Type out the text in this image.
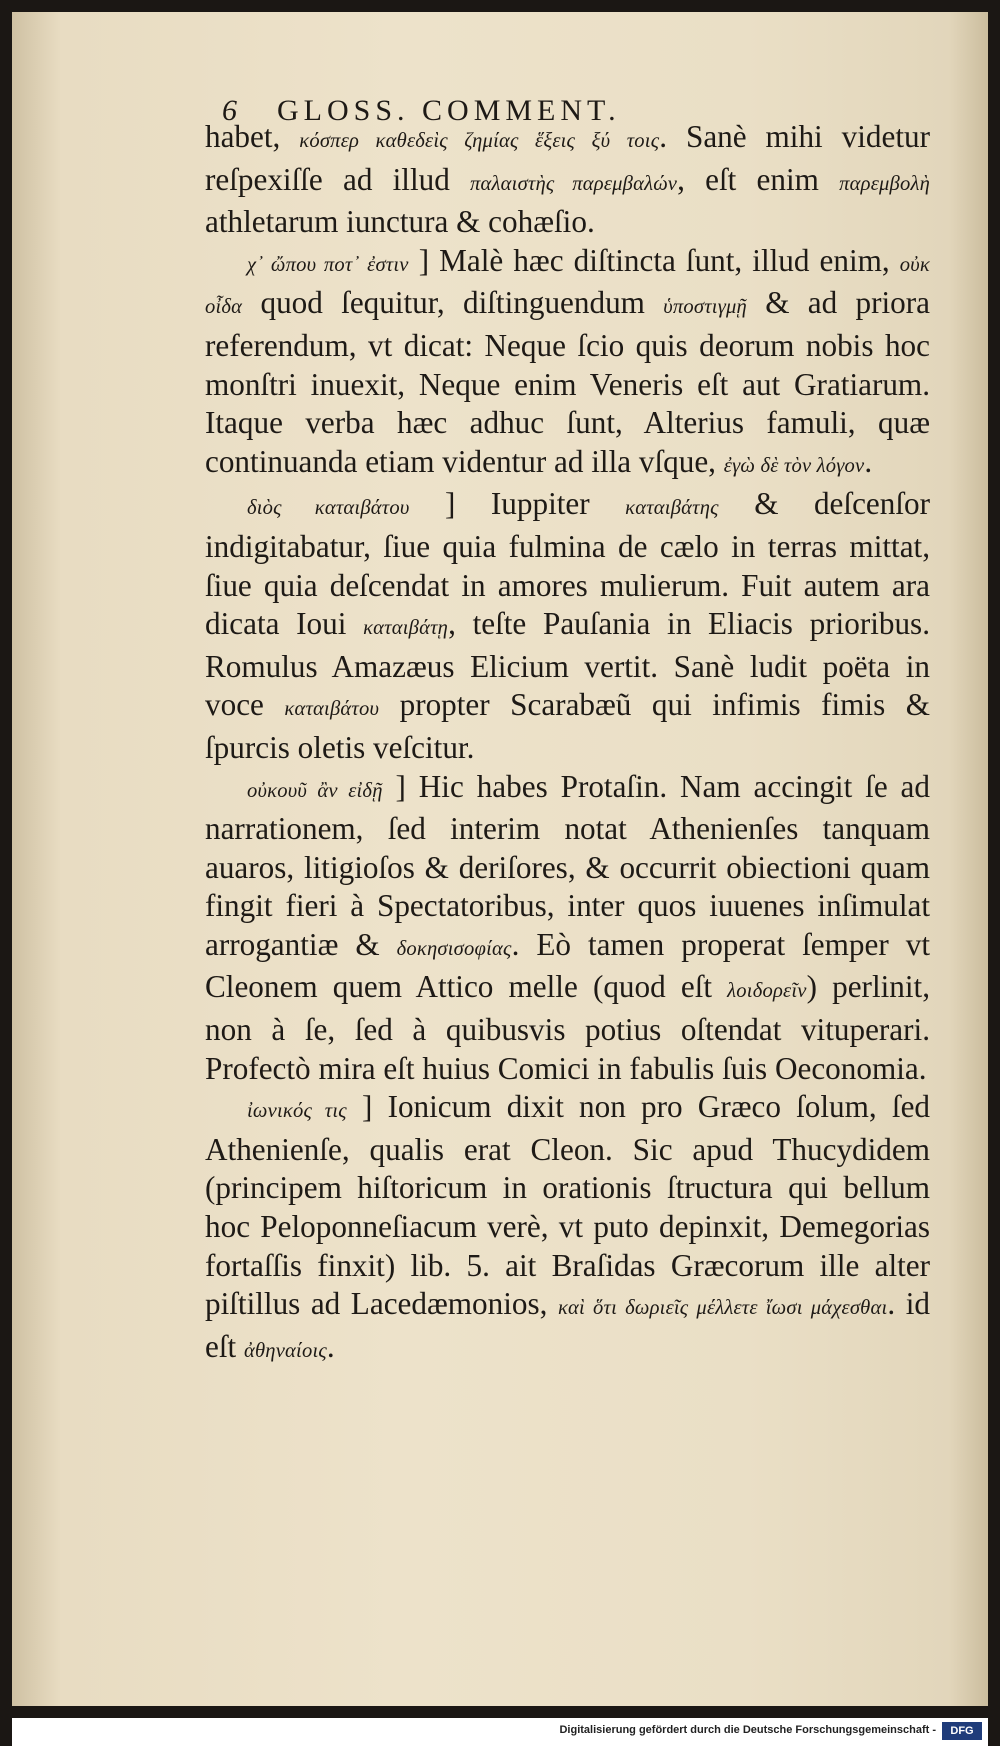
6 GLOSS. COMMENT.

habet, κόσπερ καθεδεὶς ζημίας ἕξεις ξύ τοις. Sanè mihi videtur reſpexiſſe ad illud παλαιστὴς παρεμβαλών, eſt enim παρεμβολὴ athletarum iunctura & cohæſio.

χ᾽ ὤπου ποτ᾽ ἐστιν ] Malè hæc diſtincta ſunt, illud enim, οὐκ οἶδα quod ſequitur, diſtinguendum ὑποστιγμῇ & ad priora referendum, vt dicat: Neque ſcio quis deorum nobis hoc monſtri inuexit, Neque enim Veneris eſt aut Gratiarum. Itaque verba hæc adhuc ſunt, Alterius famuli, quæ continuanda etiam videntur ad illa vſque, ἐγὼ δὲ τὸν λόγον.

διὸς καταιβάτου ] Iuppiter καταιβάτης & deſcenſor indigitabatur, ſiue quia fulmina de cælo in terras mittat, ſiue quia deſcendat in amores mulierum. Fuit autem ara dicata Ioui καταιβάτῃ, teſte Pauſania in Eliacis prioribus. Romulus Amazæus Elicium vertit. Sanè ludit poëta in voce καταιβάτου propter Scarabæũ qui infimis fimis & ſpurcis oletis veſcitur.

οὐκουῦ ἂν εἰδῇ ] Hic habes Protaſin. Nam accingit ſe ad narrationem, ſed interim notat Athenienſes tanquam auaros, litigioſos & deriſores, & occurrit obiectioni quam fingit fieri à Spectatoribus, inter quos iuuenes inſimulat arrogantiæ & δοκησισοφίας. Eò tamen properat ſemper vt Cleonem quem Attico melle (quod eſt λοιδορεῖν) perlinit, non à ſe, ſed à quibusvis potius oſtendat vituperari. Profectò mira eſt huius Comici in fabulis ſuis Oeconomia.

ἰωνικός τις ] Ionicum dixit non pro Græco ſolum, ſed Athenienſe, qualis erat Cleon. Sic apud Thucydidem (principem hiſtoricum in orationis ſtructura qui bellum hoc Peloponneſiacum verè, vt puto depinxit, Demegorias fortaſſis finxit) lib. 5. ait Braſidas Græcorum ille alter piſtillus ad Lacedæmonios, καὶ ὅτι δωριεῖς μέλλετε ἴωσι μάχεσθαι. id eſt ἀθηναίοις.

Digitalisierung gefördert durch die Deutsche Forschungsgemeinschaft -	DFG
